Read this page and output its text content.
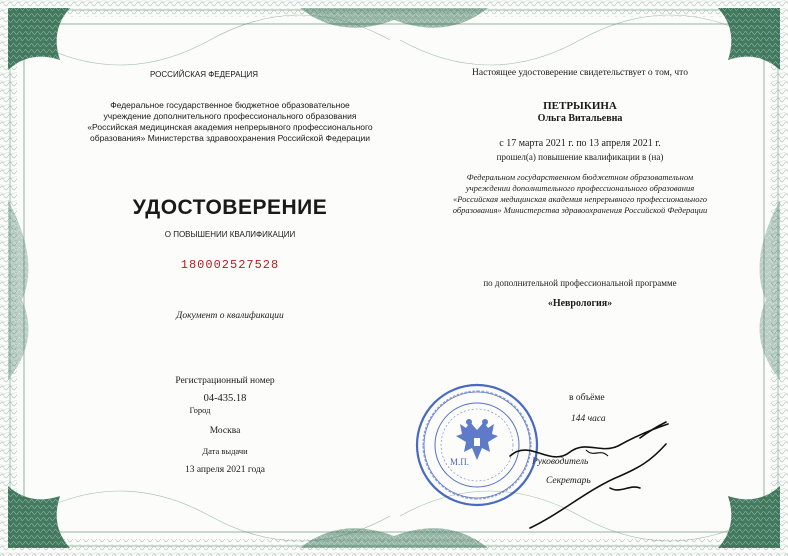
РОССИЙСКАЯ ФЕДЕРАЦИЯ
Федеральное государственное бюджетное образовательное
учреждение дополнительного профессионального образования
«Российская медицинская академия непрерывного профессионального
образования» Министерства здравоохранения Российской Федерации
УДОСТОВЕРЕНИЕ
О ПОВЫШЕНИИ КВАЛИФИКАЦИИ
180002527528
Документ о квалификации
Регистрационный номер
04-435.18
Город
Москва
Дата выдачи
13 апреля 2021 года
Настоящее удостоверение свидетельствует о том, что
ПЕТРЫКИНА
Ольга Витальевна
с 17 марта 2021 г. по 13 апреля 2021 г.
прошел(а) повышение квалификации в (на)
Федеральном государственном бюджетном образовательном
учреждении дополнительного профессионального образования
«Российская медицинская академия непрерывного профессионального
образования» Министерства здравоохранения Российской Федерации
по дополнительной профессиональной программе
«Неврология»
в объёме
144 часа
Руководитель
Секретарь
М.П.
